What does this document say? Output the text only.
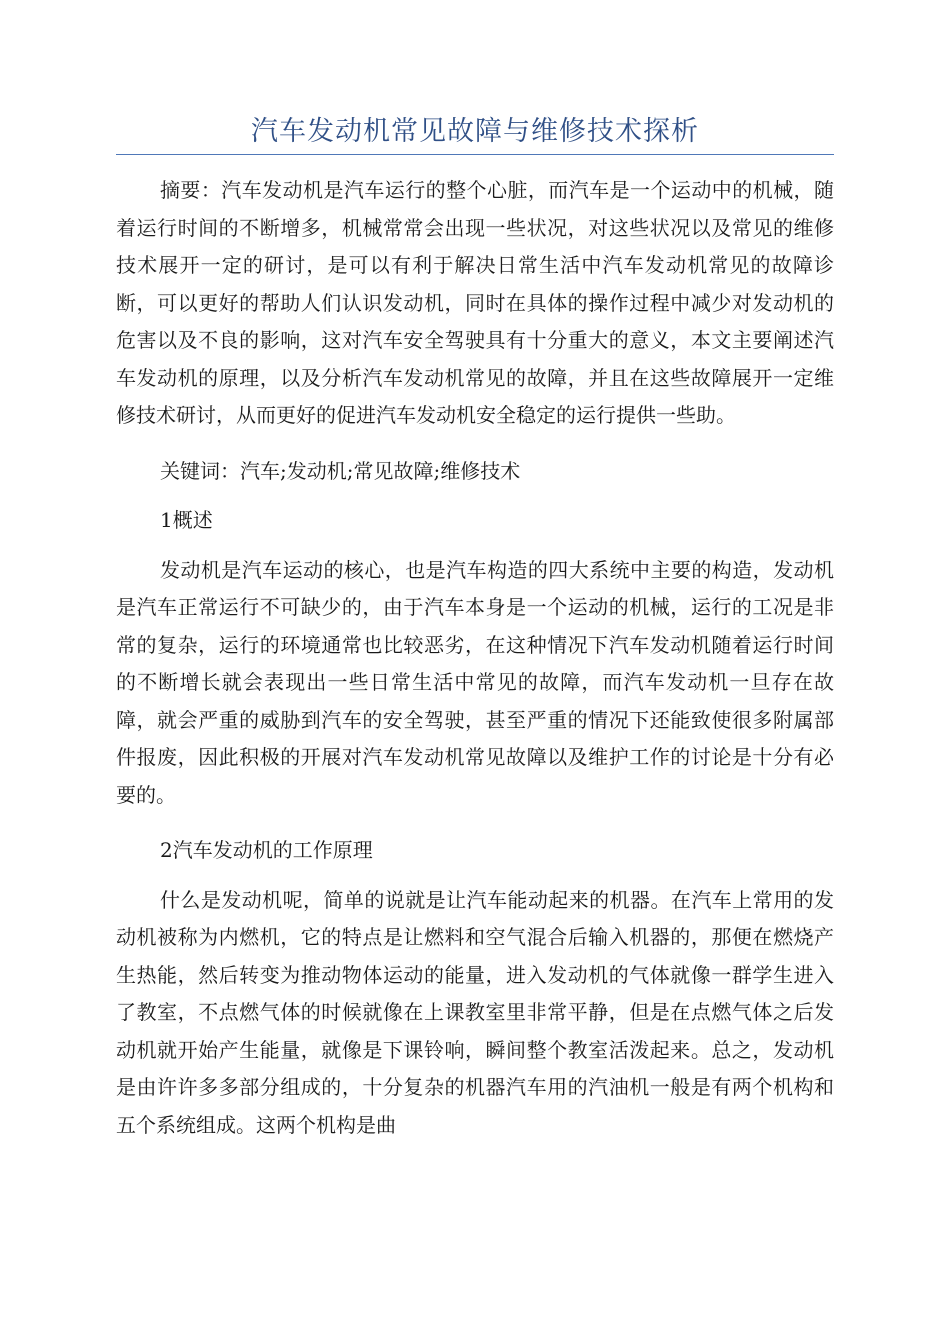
汽车发动机常见故障与维修技术探析

摘要：汽车发动机是汽车运行的整个心脏，而汽车是一个运动中的机械，随着运行时间的不断增多，机械常常会出现一些状况，对这些状况以及常见的维修技术展开一定的研讨，是可以有利于解决日常生活中汽车发动机常见的故障诊断，可以更好的帮助人们认识发动机，同时在具体的操作过程中减少对发动机的危害以及不良的影响，这对汽车安全驾驶具有十分重大的意义，本文主要阐述汽车发动机的原理，以及分析汽车发动机常见的故障，并且在这些故障展开一定维修技术研讨，从而更好的促进汽车发动机安全稳定的运行提供一些助。

关键词：汽车;发动机;常见故障;维修技术

1概述

发动机是汽车运动的核心，也是汽车构造的四大系统中主要的构造，发动机是汽车正常运行不可缺少的，由于汽车本身是一个运动的机械，运行的工况是非常的复杂，运行的环境通常也比较恶劣，在这种情况下汽车发动机随着运行时间的不断增长就会表现出一些日常生活中常见的故障，而汽车发动机一旦存在故障，就会严重的威胁到汽车的安全驾驶，甚至严重的情况下还能致使很多附属部件报废，因此积极的开展对汽车发动机常见故障以及维护工作的讨论是十分有必要的。

2汽车发动机的工作原理

什么是发动机呢，简单的说就是让汽车能动起来的机器。在汽车上常用的发动机被称为内燃机，它的特点是让燃料和空气混合后输入机器的，那便在燃烧产生热能，然后转变为推动物体运动的能量，进入发动机的气体就像一群学生进入了教室，不点燃气体的时候就像在上课教室里非常平静，但是在点燃气体之后发动机就开始产生能量，就像是下课铃响，瞬间整个教室活泼起来。总之，发动机是由许许多多部分组成的，十分复杂的机器汽车用的汽油机一般是有两个机构和五个系统组成。这两个机构是曲
